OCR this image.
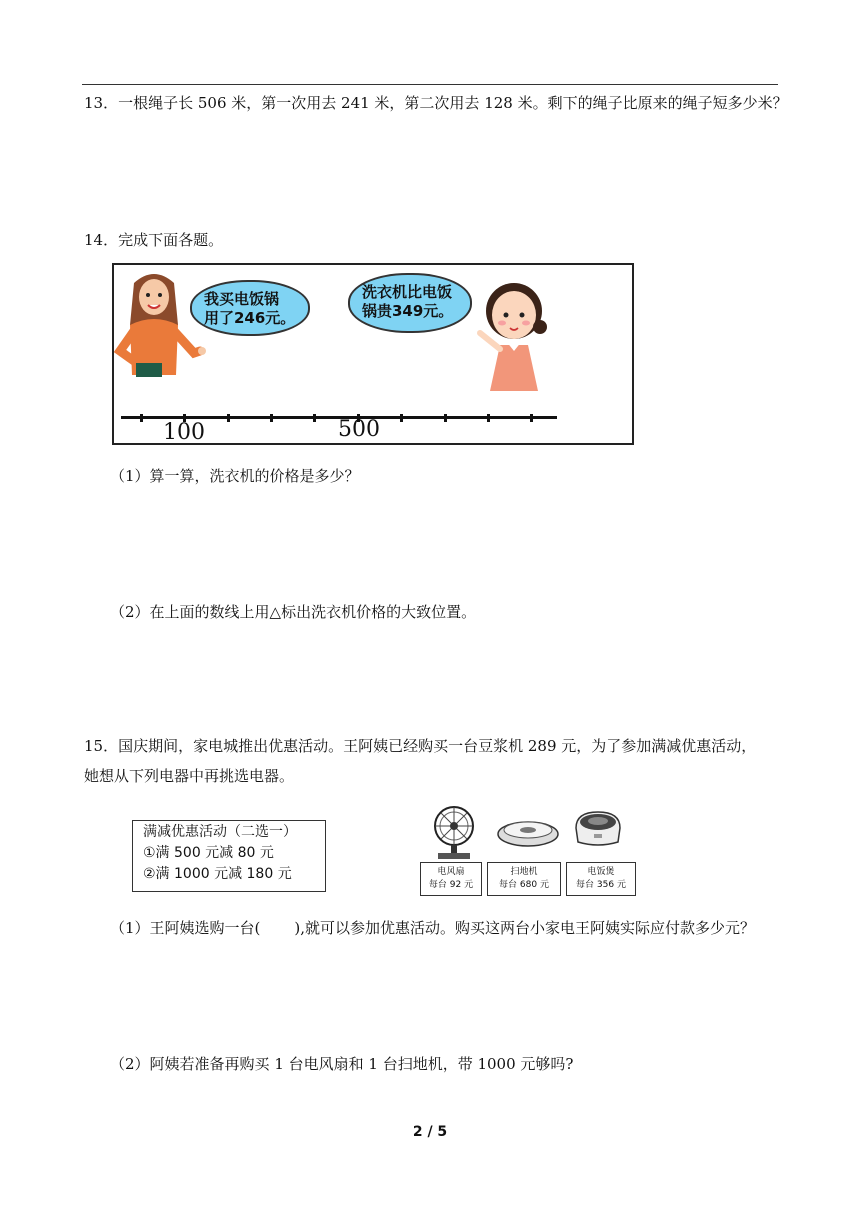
13．一根绳子长 506 米，第一次用去 241 米，第二次用去 128 米。剩下的绳子比原来的绳子短多少米？
14．完成下面各题。
我买电饭锅
用了246元。
洗衣机比电饭
锅贵349元。
100	500
（1）算一算，洗衣机的价格是多少？
（2）在上面的数线上用△标出洗衣机价格的大致位置。
15．国庆期间，家电城推出优惠活动。王阿姨已经购买一台豆浆机 289 元，为了参加满减优惠活动，
她想从下列电器中再挑选电器。
满减优惠活动（二选一）
①满 500 元减 80 元
②满 1000 元减 180 元	电风扇
每台 92 元
扫地机
每台 680 元
电饭煲
每台 356 元
（1）王阿姨选购一台( ),就可以参加优惠活动。购买这两台小家电王阿姨实际应付款多少元？
（2）阿姨若准备再购买 1 台电风扇和 1 台扫地机，带 1000 元够吗?
2 / 5
